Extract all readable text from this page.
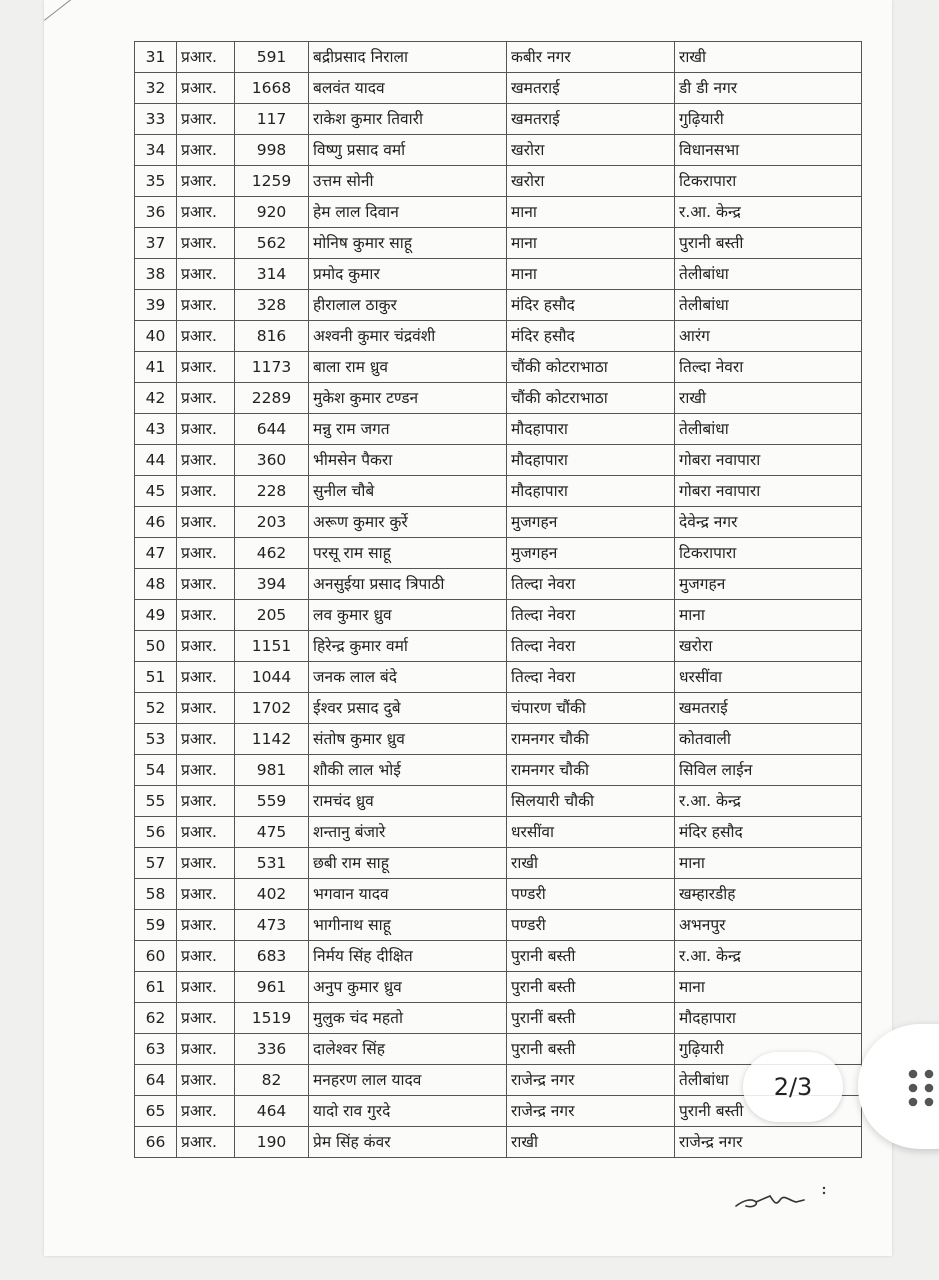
31	प्रआर.	591	बद्रीप्रसाद निराला	कबीर नगर	राखी
32	प्रआर.	1668	बलवंत यादव	खमतराई	डी डी नगर
33	प्रआर.	117	राकेश कुमार तिवारी	खमतराई	गुढ़ियारी
34	प्रआर.	998	विष्णु प्रसाद वर्मा	खरोरा	विधानसभा
35	प्रआर.	1259	उत्तम सोनी	खरोरा	टिकरापारा
36	प्रआर.	920	हेम लाल दिवान	माना	र.आ. केन्द्र
37	प्रआर.	562	मोनिष कुमार साहू	माना	पुरानी बस्ती
38	प्रआर.	314	प्रमोद कुमार	माना	तेलीबांधा
39	प्रआर.	328	हीरालाल ठाकुर	मंदिर हसौद	तेलीबांधा
40	प्रआर.	816	अश्वनी कुमार चंद्रवंशी	मंदिर हसौद	आरंग
41	प्रआर.	1173	बाला राम ध्रुव	चौंकी कोटराभाठा	तिल्दा नेवरा
42	प्रआर.	2289	मुकेश कुमार टण्डन	चौंकी कोटराभाठा	राखी
43	प्रआर.	644	मन्नु राम जगत	मौदहापारा	तेलीबांधा
44	प्रआर.	360	भीमसेन पैकरा	मौदहापारा	गोबरा नवापारा
45	प्रआर.	228	सुनील चौबे	मौदहापारा	गोबरा नवापारा
46	प्रआर.	203	अरूण कुमार कुर्रे	मुजगहन	देवेन्द्र नगर
47	प्रआर.	462	परसू राम साहू	मुजगहन	टिकरापारा
48	प्रआर.	394	अनसुईया प्रसाद त्रिपाठी	तिल्दा नेवरा	मुजगहन
49	प्रआर.	205	लव कुमार ध्रुव	तिल्दा नेवरा	माना
50	प्रआर.	1151	हिरेन्द्र कुमार वर्मा	तिल्दा नेवरा	खरोरा
51	प्रआर.	1044	जनक लाल बंदे	तिल्दा नेवरा	धरसींवा
52	प्रआर.	1702	ईश्वर प्रसाद दुबे	चंपारण चौंकी	खमतराई
53	प्रआर.	1142	संतोष कुमार ध्रुव	रामनगर चौकी	कोतवाली
54	प्रआर.	981	शौकी लाल भोई	रामनगर चौकी	सिविल लाईन
55	प्रआर.	559	रामचंद ध्रुव	सिलयारी चौकी	र.आ. केन्द्र
56	प्रआर.	475	शन्तानु बंजारे	धरसींवा	मंदिर हसौद
57	प्रआर.	531	छबी राम साहू	राखी	माना
58	प्रआर.	402	भगवान यादव	पण्डरी	खम्हारडीह
59	प्रआर.	473	भागीनाथ साहू	पण्डरी	अभनपुर
60	प्रआर.	683	निर्मय सिंह दीक्षित	पुरानी बस्ती	र.आ. केन्द्र
61	प्रआर.	961	अनुप कुमार ध्रुव	पुरानी बस्ती	माना
62	प्रआर.	1519	मुलुक चंद महतो	पुरानीं बस्ती	मौदहापारा
63	प्रआर.	336	दालेश्वर सिंह	पुरानी बस्ती	गुढ़ियारी
64	प्रआर.	82	मनहरण लाल यादव	राजेन्द्र नगर	तेलीबांधा
65	प्रआर.	464	यादो राव गुरदे	राजेन्द्र नगर	पुरानी बस्ती
66	प्रआर.	190	प्रेम सिंह कंवर	राखी	राजेन्द्र नगर
2/3
